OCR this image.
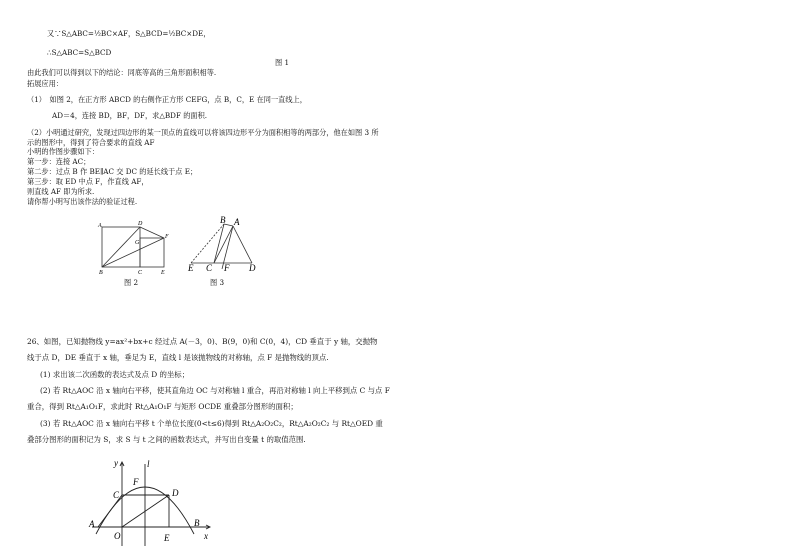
又∵S△ABC=½BC×AF，S△BCD=½BC×DE，
∴S△ABC=S△BCD
图 1
由此我们可以得到以下的结论：同底等高的三角形面积相等.
拓展应用：
（1）　如图 2，在正方形 ABCD 的右侧作正方形 CEFG，点 B，C，E 在同一直线上，
AD＝4，连接 BD，BF，DF，求△BDF 的面积.
（2）小明通过研究，发现过四边形的某一顶点的直线可以将该四边形平分为面积相等的两部分，他在如图 3 所
示的图形中，得到了符合要求的直线 AF
小明的作图步骤如下：
第一步：连接 AC；
第二步：过点 B 作 BE∥AC 交 DC 的延长线于点 E；
第三步：取 ED 中点 F，作直线 AF，
则直线 AF 即为所求.
请你帮小明写出该作法的验证过程.
A	D
F
G
B	C	E
图 2
B A
E C F D
图 3
26、如图，已知抛物线 y=ax²+bx+c 经过点 A(－3，0)、B(9，0)和 C(0，4)，CD 垂直于 y 轴，交抛物
线于点 D，DE 垂直于 x 轴，垂足为 E，直线 l 是该抛物线的对称轴，点 F 是抛物线的顶点.
(1) 求出该二次函数的表达式及点 D 的坐标；
(2) 若 Rt△AOC 沿 x 轴向右平移，使其直角边 OC 与对称轴 l 重合，再沿对称轴 l 向上平移到点 C 与点 F
重合，得到 Rt△A₁O₁F，求此时 Rt△A₁O₁F 与矩形 OCDE 重叠部分图形的面积；
(3) 若 Rt△AOC 沿 x 轴向右平移 t 个单位长度(0<t≤6)得到 Rt△A₂O₂C₂，Rt△A₂O₂C₂ 与 Rt△OED 重
叠部分图形的面积记为 S，求 S 与 t 之间的函数表达式，并写出自变量 t 的取值范围.
y	l
F
C	D
A
O	E
B
x
